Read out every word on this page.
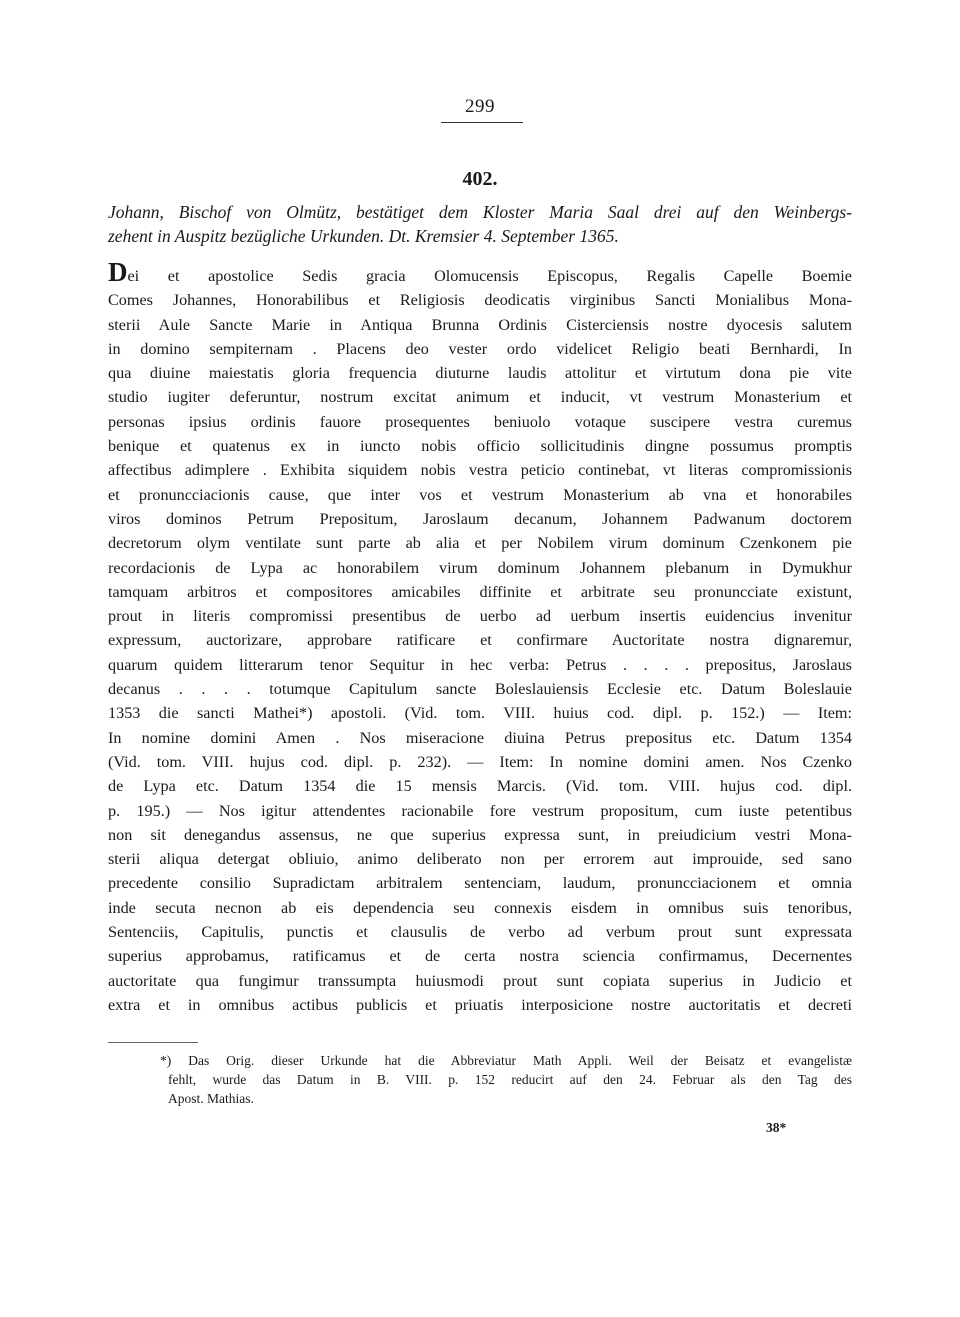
299
402.
Johann, Bischof von Olmütz, bestätiget dem Kloster Maria Saal drei auf den Weinbergs-
zehent in Auspitz bezügliche Urkunden. Dt. Kremsier 4. September 1365.
Dei et apostolice Sedis gracia Olomucensis Episcopus, Regalis Capelle Boemie
Comes Johannes, Honorabilibus et Religiosis deodicatis virginibus Sancti Monialibus Mona-
sterii Aule Sancte Marie in Antiqua Brunna Ordinis Cisterciensis nostre dyocesis salutem
in domino sempiternam . Placens deo vester ordo videlicet Religio beati Bernhardi, In
qua diuine maiestatis gloria frequencia diuturne laudis attolitur et virtutum dona pie vite
studio iugiter deferuntur, nostrum excitat animum et inducit, vt vestrum Monasterium et
personas ipsius ordinis fauore prosequentes beniuolo votaque suscipere vestra curemus
benique et quatenus ex in iuncto nobis officio sollicitudinis dingne possumus promptis
affectibus adimplere . Exhibita siquidem nobis vestra peticio continebat, vt literas compromissionis
et pronuncciacionis cause, que inter vos et vestrum Monasterium ab vna et honorabiles
viros dominos Petrum Prepositum, Jaroslaum decanum, Johannem Padwanum doctorem
decretorum olym ventilate sunt parte ab alia et per Nobilem virum dominum Czenkonem pie
recordacionis de Lypa ac honorabilem virum dominum Johannem plebanum in Dymukhur
tamquam arbitros et compositores amicabiles diffinite et arbitrate seu pronuncciate existunt,
prout in literis compromissi presentibus de uerbo ad uerbum insertis euidencius invenitur
expressum, auctorizare, approbare ratificare et confirmare Auctoritate nostra dignaremur,
quarum quidem litterarum tenor Sequitur in hec verba: Petrus . . . . prepositus, Jaroslaus
decanus . . . . totumque Capitulum sancte Boleslauiensis Ecclesie etc. Datum Boleslauie
1353 die sancti Mathei*) apostoli. (Vid. tom. VIII. huius cod. dipl. p. 152.) — Item:
In nomine domini Amen . Nos miseracione diuina Petrus prepositus etc. Datum 1354
(Vid. tom. VIII. hujus cod. dipl. p. 232). — Item: In nomine domini amen. Nos Czenko
de Lypa etc. Datum 1354 die 15 mensis Marcis. (Vid. tom. VIII. hujus cod. dipl.
p. 195.) — Nos igitur attendentes racionabile fore vestrum propositum, cum iuste petentibus
non sit denegandus assensus, ne que superius expressa sunt, in preiudicium vestri Mona-
sterii aliqua detergat obliuio, animo deliberato non per errorem aut improuide, sed sano
precedente consilio Supradictam arbitralem sentenciam, laudum, pronuncciacionem et omnia
inde secuta necnon ab eis dependencia seu connexis eisdem in omnibus suis tenoribus,
Sentenciis, Capitulis, punctis et clausulis de verbo ad verbum prout sunt expressata
superius approbamus, ratificamus et de certa nostra sciencia confirmamus, Decernentes
auctoritate qua fungimur transsumpta huiusmodi prout sunt copiata superius in Judicio et
extra et in omnibus actibus publicis et priuatis interposicione nostre auctoritatis et decreti
*) Das Orig. dieser Urkunde hat die Abbreviatur Math Appli. Weil der Beisatz et evangelistæ
fehlt, wurde das Datum in B. VIII. p. 152 reducirt auf den 24. Februar als den Tag des
Apost. Mathias.
38*
